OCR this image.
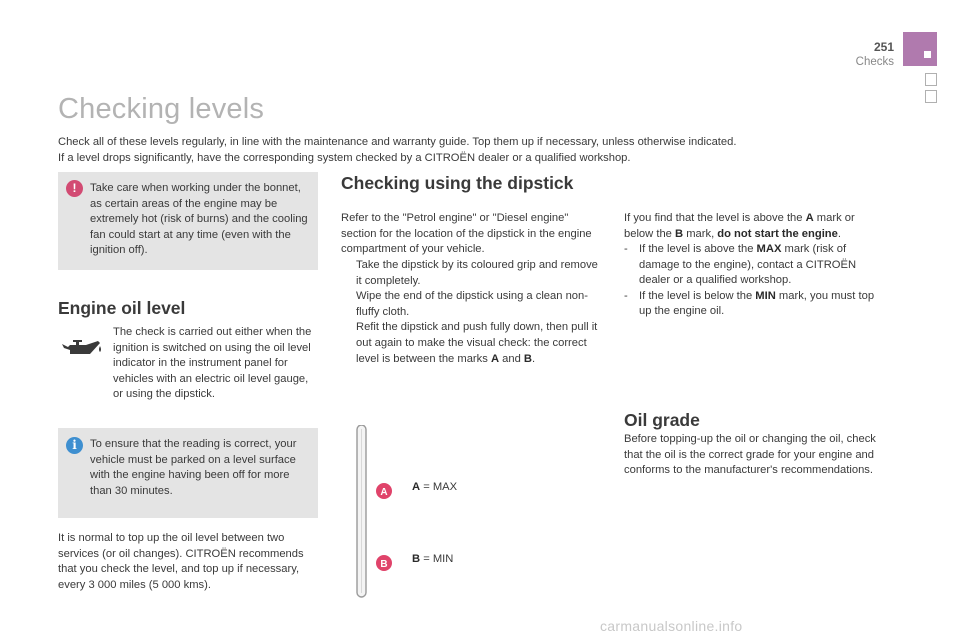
251
Checks
Checking levels

Check all of these levels regularly, in line with the maintenance and warranty guide. Top them up if necessary, unless otherwise indicated.

If a level drops significantly, have the corresponding system checked by a CITROËN dealer or a qualified workshop.

!	Take care when working under the bonnet, as certain areas of the engine may be extremely hot (risk of burns) and the cooling fan could start at any time (even with the ignition off).

Engine oil level

The check is carried out either when the ignition is switched on using the oil level indicator in the instrument panel for vehicles with an electric oil level gauge, or using the dipstick.

i	To ensure that the reading is correct, your vehicle must be parked on a level surface with the engine having been off for more than 30 minutes.

It is normal to top up the oil level between two services (or oil changes). CITROËN recommends that you check the level, and top up if necessary, every 3 000 miles (5 000 kms).

Checking using the dipstick

Refer to the "Petrol engine" or "Diesel engine" section for the location of the dipstick in the engine compartment of your vehicle.

Take the dipstick by its coloured grip and remove it completely.
Wipe the end of the dipstick using a clean non-fluffy cloth.
Refit the dipstick and push fully down, then pull it out again to make the visual check: the correct level is between the marks A and B.

If you find that the level is above the A mark or below the B mark, do not start the engine.

- If the level is above the MAX mark (risk of damage to the engine), contact a CITROËN dealer or a qualified workshop.
- If the level is below the MIN mark, you must top up the engine oil.
Oil grade

Before topping-up the oil or changing the oil, check that the oil is the correct grade for your engine and conforms to the manufacturer's recommendations.

A
B
A = MAX
B = MIN
carmanualsonline.info
